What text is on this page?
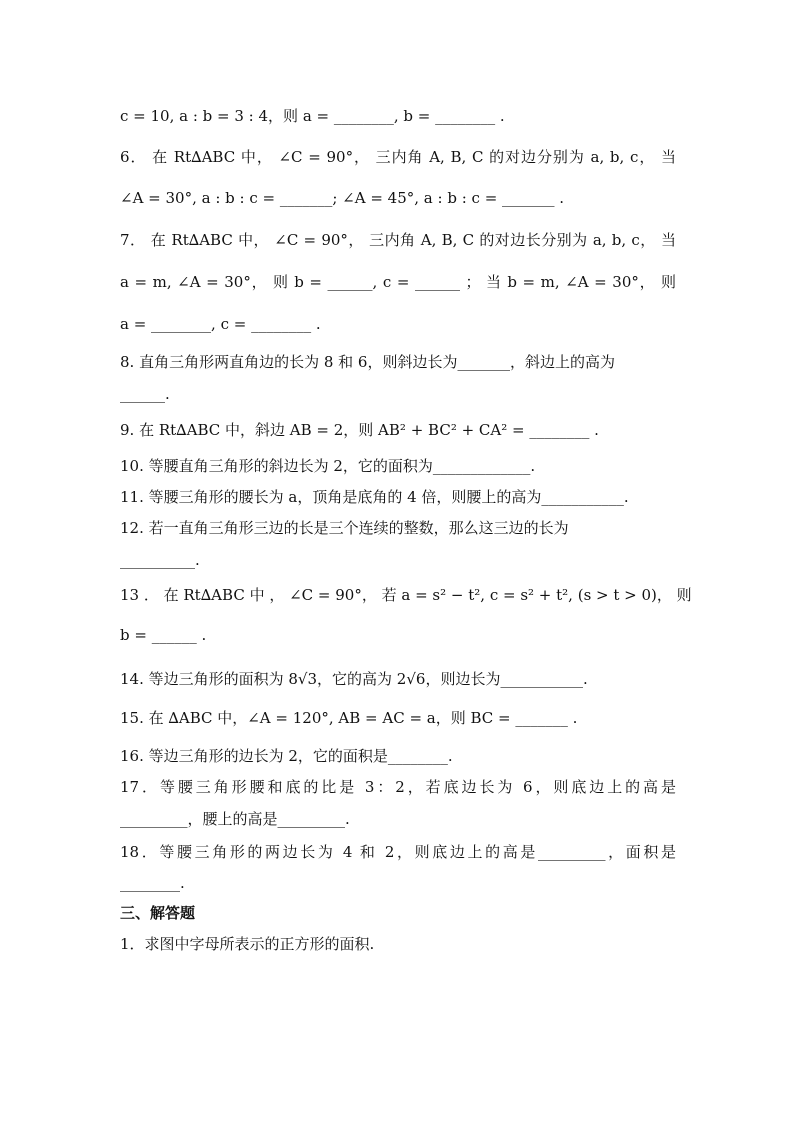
c = 10, a : b = 3 : 4，则 a = ________, b = ________ .
6． 在 Rt∆ABC 中， ∠C = 90°， 三内角 A, B, C 的对边分别为 a, b, c， 当
∠A = 30°, a : b : c = _______; ∠A = 45°, a : b : c = _______ .
7． 在 Rt∆ABC 中， ∠C = 90°， 三内角 A, B, C 的对边长分别为 a, b, c， 当
a = m, ∠A = 30°， 则 b = ______, c = ______ ； 当 b = m, ∠A = 30°， 则
a = ________, c = ________ .
8. 直角三角形两直角边的长为 8 和 6，则斜边长为_______，斜边上的高为
______.
9. 在 Rt∆ABC 中，斜边 AB = 2，则 AB² + BC² + CA² = ________ .
10. 等腰直角三角形的斜边长为 2，它的面积为_____________.
11. 等腰三角形的腰长为 a，顶角是底角的 4 倍，则腰上的高为___________.
12. 若一直角三角形三边的长是三个连续的整数，那么这三边的长为
__________.
13 ． 在 Rt∆ABC 中 ， ∠C = 90°， 若 a = s² − t², c = s² + t², (s > t > 0)， 则
b = ______ .
14. 等边三角形的面积为 8√3，它的高为 2√6，则边长为___________.
15. 在 ∆ABC 中，∠A = 120°, AB = AC = a，则 BC = _______ .
16. 等边三角形的边长为 2，它的面积是________.
17．等腰三角形腰和底的比是 3：2，若底边长为 6，则底边上的高是
_________，腰上的高是_________.
18．等腰三角形的两边长为 4 和 2，则底边上的高是_________，面积是
________.
三、解答题
1．求图中字母所表示的正方形的面积.
